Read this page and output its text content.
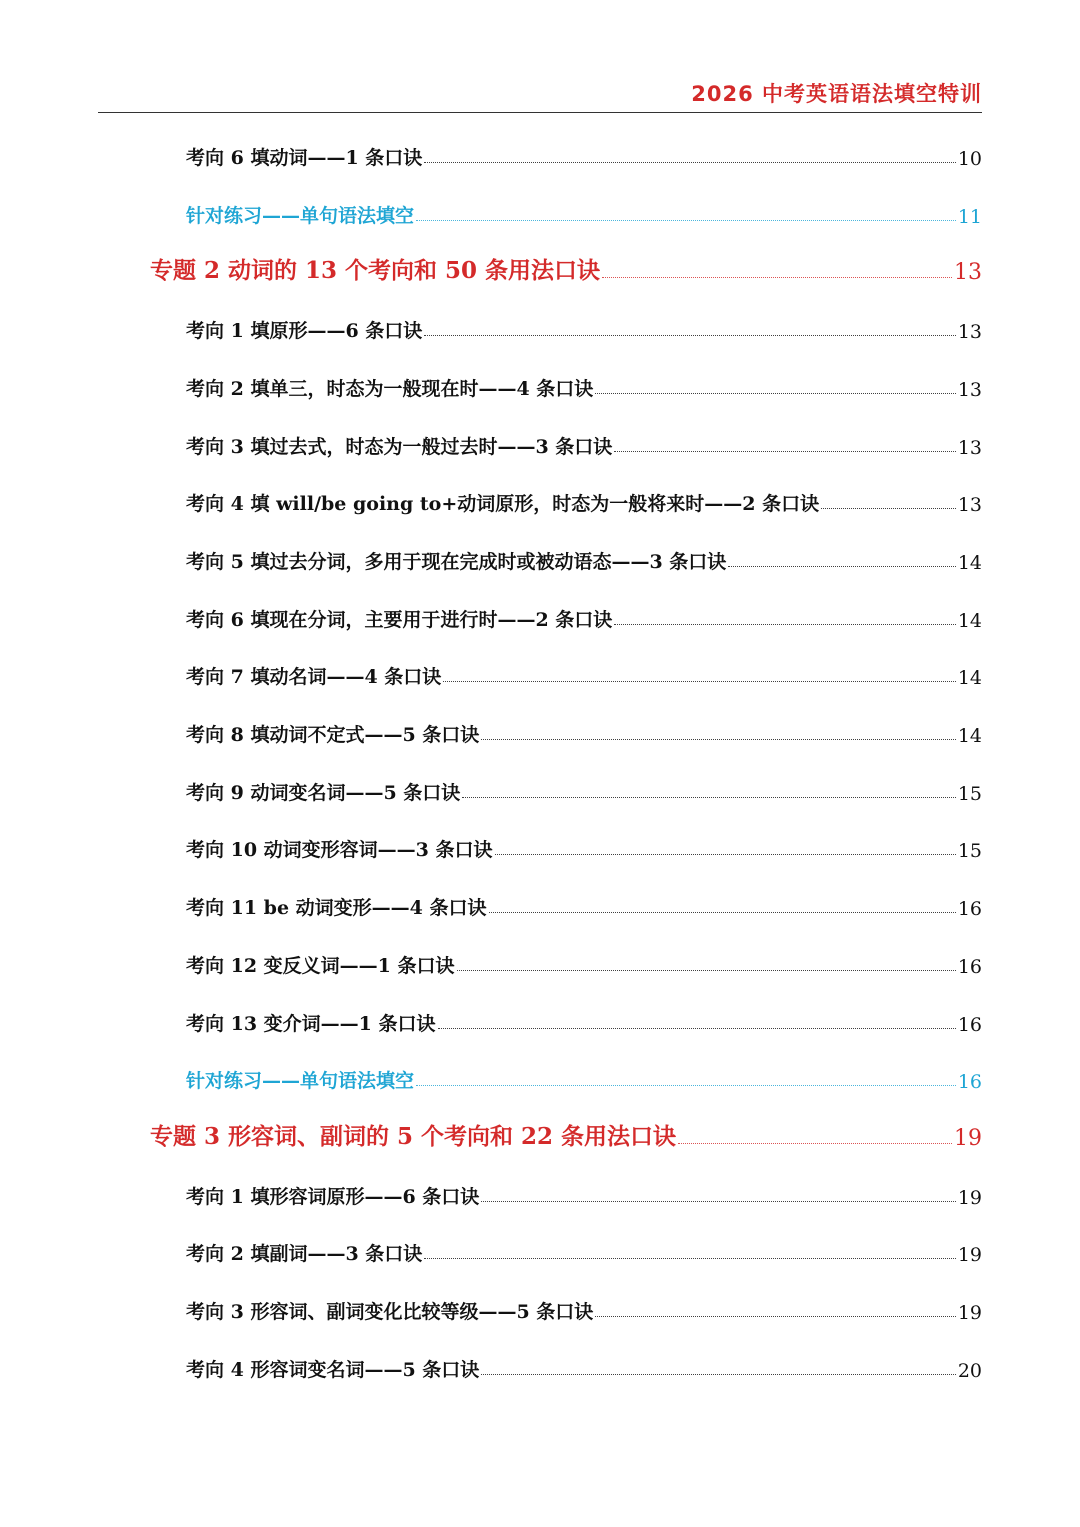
2026 中考英语语法填空特训
考向 6 填动词——1 条口诀	10
针对练习——单句语法填空	11
专题 2 动词的 13 个考向和 50 条用法口诀	13
考向 1 填原形——6 条口诀	13
考向 2 填单三，时态为一般现在时——4 条口诀	13
考向 3 填过去式，时态为一般过去时——3 条口诀	13
考向 4 填 will/be going to+动词原形，时态为一般将来时——2 条口诀	13
考向 5 填过去分词，多用于现在完成时或被动语态——3 条口诀	14
考向 6 填现在分词，主要用于进行时——2 条口诀	14
考向 7 填动名词——4 条口诀	14
考向 8 填动词不定式——5 条口诀	14
考向 9 动词变名词——5 条口诀	15
考向 10 动词变形容词——3 条口诀	15
考向 11 be 动词变形——4 条口诀	16
考向 12 变反义词——1 条口诀	16
考向 13 变介词——1 条口诀	16
针对练习——单句语法填空	16
专题 3 形容词、副词的 5 个考向和 22 条用法口诀	19
考向 1 填形容词原形——6 条口诀	19
考向 2 填副词——3 条口诀	19
考向 3 形容词、副词变化比较等级——5 条口诀	19
考向 4 形容词变名词——5 条口诀	20
